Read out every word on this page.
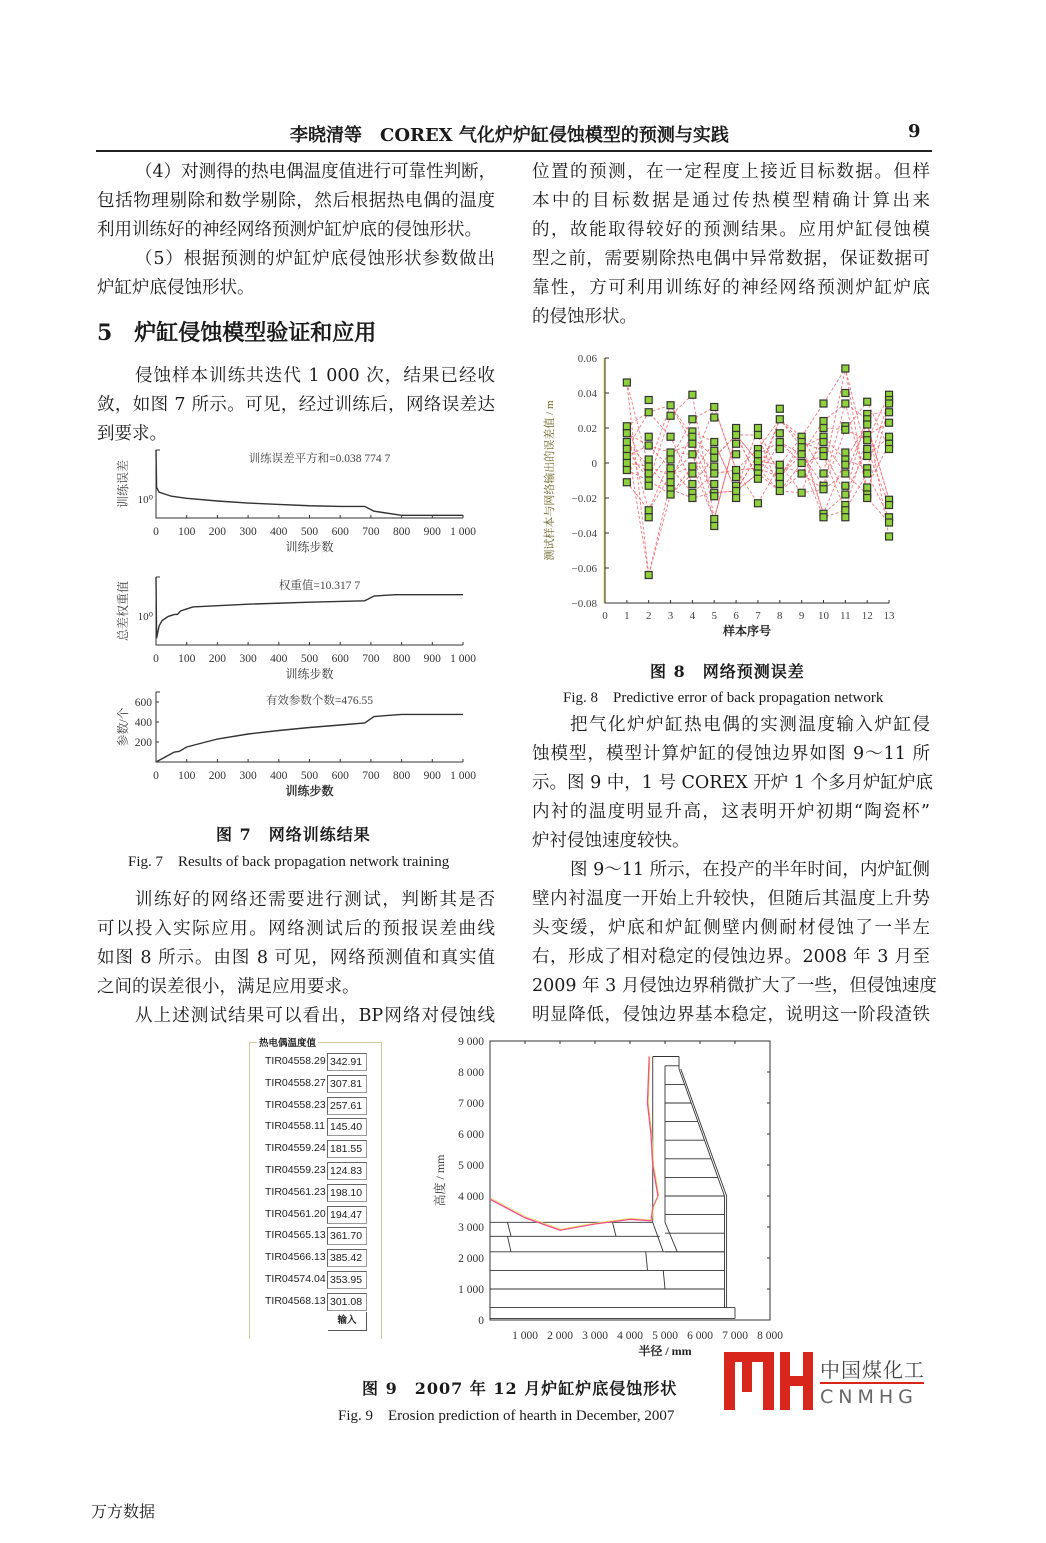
李晓清等　COREX 气化炉炉缸侵蚀模型的预测与实践	9
（4）对测得的热电偶温度值进行可靠性判断，
包括物理剔除和数学剔除，然后根据热电偶的温度
利用训练好的神经网络预测炉缸炉底的侵蚀形状。
（5）根据预测的炉缸炉底侵蚀形状参数做出
炉缸炉底侵蚀形状。
5　炉缸侵蚀模型验证和应用
侵蚀样本训练共迭代 1 000 次，结果已经收
敛，如图 7 所示。可见，经过训练后，网络误差达
到要求。
0 100 200 300 400 500 600 700 800 900 1 000
训练步数
训练误差平方和=0.038 774 7
训练误差 10⁰
0 100 200 300 400 500 600 700 800 900 1 000
训练步数
权重值=10.317 7
总差权重值 10⁰
0 100 200 300 400 500 600 700 800 900 1 000
训练步数
有效参数个数=476.55
参数/个 200
400
600
图 7　网络训练结果
Fig. 7　Results of back propagation network training
训练好的网络还需要进行测试，判断其是否
可以投入实际应用。网络测试后的预报误差曲线
如图 8 所示。由图 8 可见，网络预测值和真实值
之间的误差很小，满足应用要求。
从上述测试结果可以看出，BP网络对侵蚀线
位置的预测，在一定程度上接近目标数据。但样
本中的目标数据是通过传热模型精确计算出来
的，故能取得较好的预测结果。应用炉缸侵蚀模
型之前，需要剔除热电偶中异常数据，保证数据可
靠性，方可利用训练好的神经网络预测炉缸炉底
的侵蚀形状。
−0.08
−0.06
−0.04
−0.02
0
0.02
0.04
0.06
0 1 2 3 4 5 6 7 8 9 10 11 12 13
样本序号
测试样本与网络输出的误差值 / m
图 8　网络预测误差
Fig. 8　Predictive error of back propagation network
把气化炉炉缸热电偶的实测温度输入炉缸侵
蚀模型，模型计算炉缸的侵蚀边界如图 9～11 所
示。图 9 中，1 号 COREX 开炉 1 个多月炉缸炉底
内衬的温度明显升高，这表明开炉初期“陶瓷杯”
炉衬侵蚀速度较快。
图 9～11 所示，在投产的半年时间，内炉缸侧
壁内衬温度一开始上升较快，但随后其温度上升势
头变缓，炉底和炉缸侧壁内侧耐材侵蚀了一半左
右，形成了相对稳定的侵蚀边界。2008 年 3 月至
2009 年 3 月侵蚀边界稍微扩大了一些，但侵蚀速度
明显降低，侵蚀边界基本稳定，说明这一阶段渣铁
热电偶温度值
TIR04558.29 342.91
TIR04558.27 307.81
TIR04558.23 257.61
TIR04558.11 145.40
TIR04559.24 181.55
TIR04559.23 124.83
TIR04561.23 198.10
TIR04561.20 194.47
TIR04565.13 361.70
TIR04566.13 385.42
TIR04574.04 353.95
TIR04568.13 301.08
输入	0
1 000
2 000
3 000
4 000
5 000
6 000
7 000
8 000
9 000
1 000 2 000 3 000 4 000 5 000 6 000 7 000 8 000
半径 / mm
高度 / mm
图 9　2007 年 12 月炉缸炉底侵蚀形状
Fig. 9　Erosion prediction of hearth in December, 2007
中国煤化工
CNMHG
万方数据
